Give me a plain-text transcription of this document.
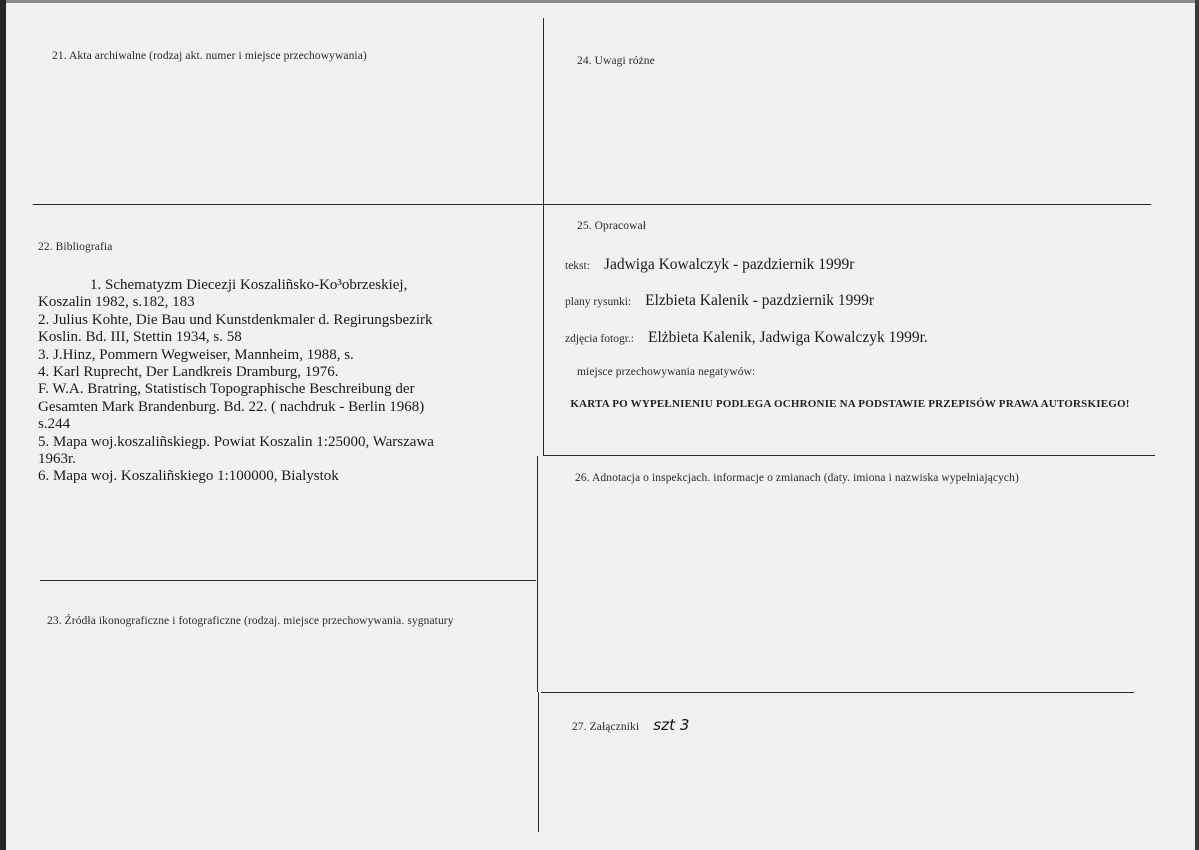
21. Akta archiwalne (rodzaj akt. numer i miejsce przechowywania)	24. Uwagi różne
22. Bibliografia
1. Schematyzm Diecezji Koszaliñsko-Ko³obrzeskiej,
Koszalin 1982, s.182, 183
2. Julius Kohte, Die Bau und Kunstdenkmaler d. Regirungsbezirk
Koslin. Bd. III, Stettin 1934, s. 58
3. J.Hinz, Pommern Wegweiser, Mannheim, 1988, s.
4. Karl Ruprecht, Der Landkreis Dramburg, 1976.
F. W.A. Bratring, Statistisch Topographische Beschreibung der
Gesamten Mark Brandenburg. Bd. 22. ( nachdruk - Berlin 1968)
s.244
5. Mapa woj.koszaliñskiegp. Powiat Koszalin 1:25000, Warszawa
1963r.
6. Mapa woj. Koszaliñskiego 1:100000, Bialystok
23. Źródła ikonograficzne i fotograficzne (rodzaj. miejsce przechowywania. sygnatury
25. Opracował
tekst: Jadwiga Kowalczyk - pazdziernik 1999r
plany rysunki: Elzbieta Kalenik - pazdziernik 1999r
zdjęcia fotogr.: Elżbieta Kalenik, Jadwiga Kowalczyk 1999r.
miejsce przechowywania negatywów:
KARTA PO WYPEŁNIENIU PODLEGA OCHRONIE NA PODSTAWIE PRZEPISÓW PRAWA AUTORSKIEGO!
26. Adnotacja o inspekcjach. informacje o zmianach (daty. imiona i nazwiska wypełniających)
27. Załączniki szt 3
